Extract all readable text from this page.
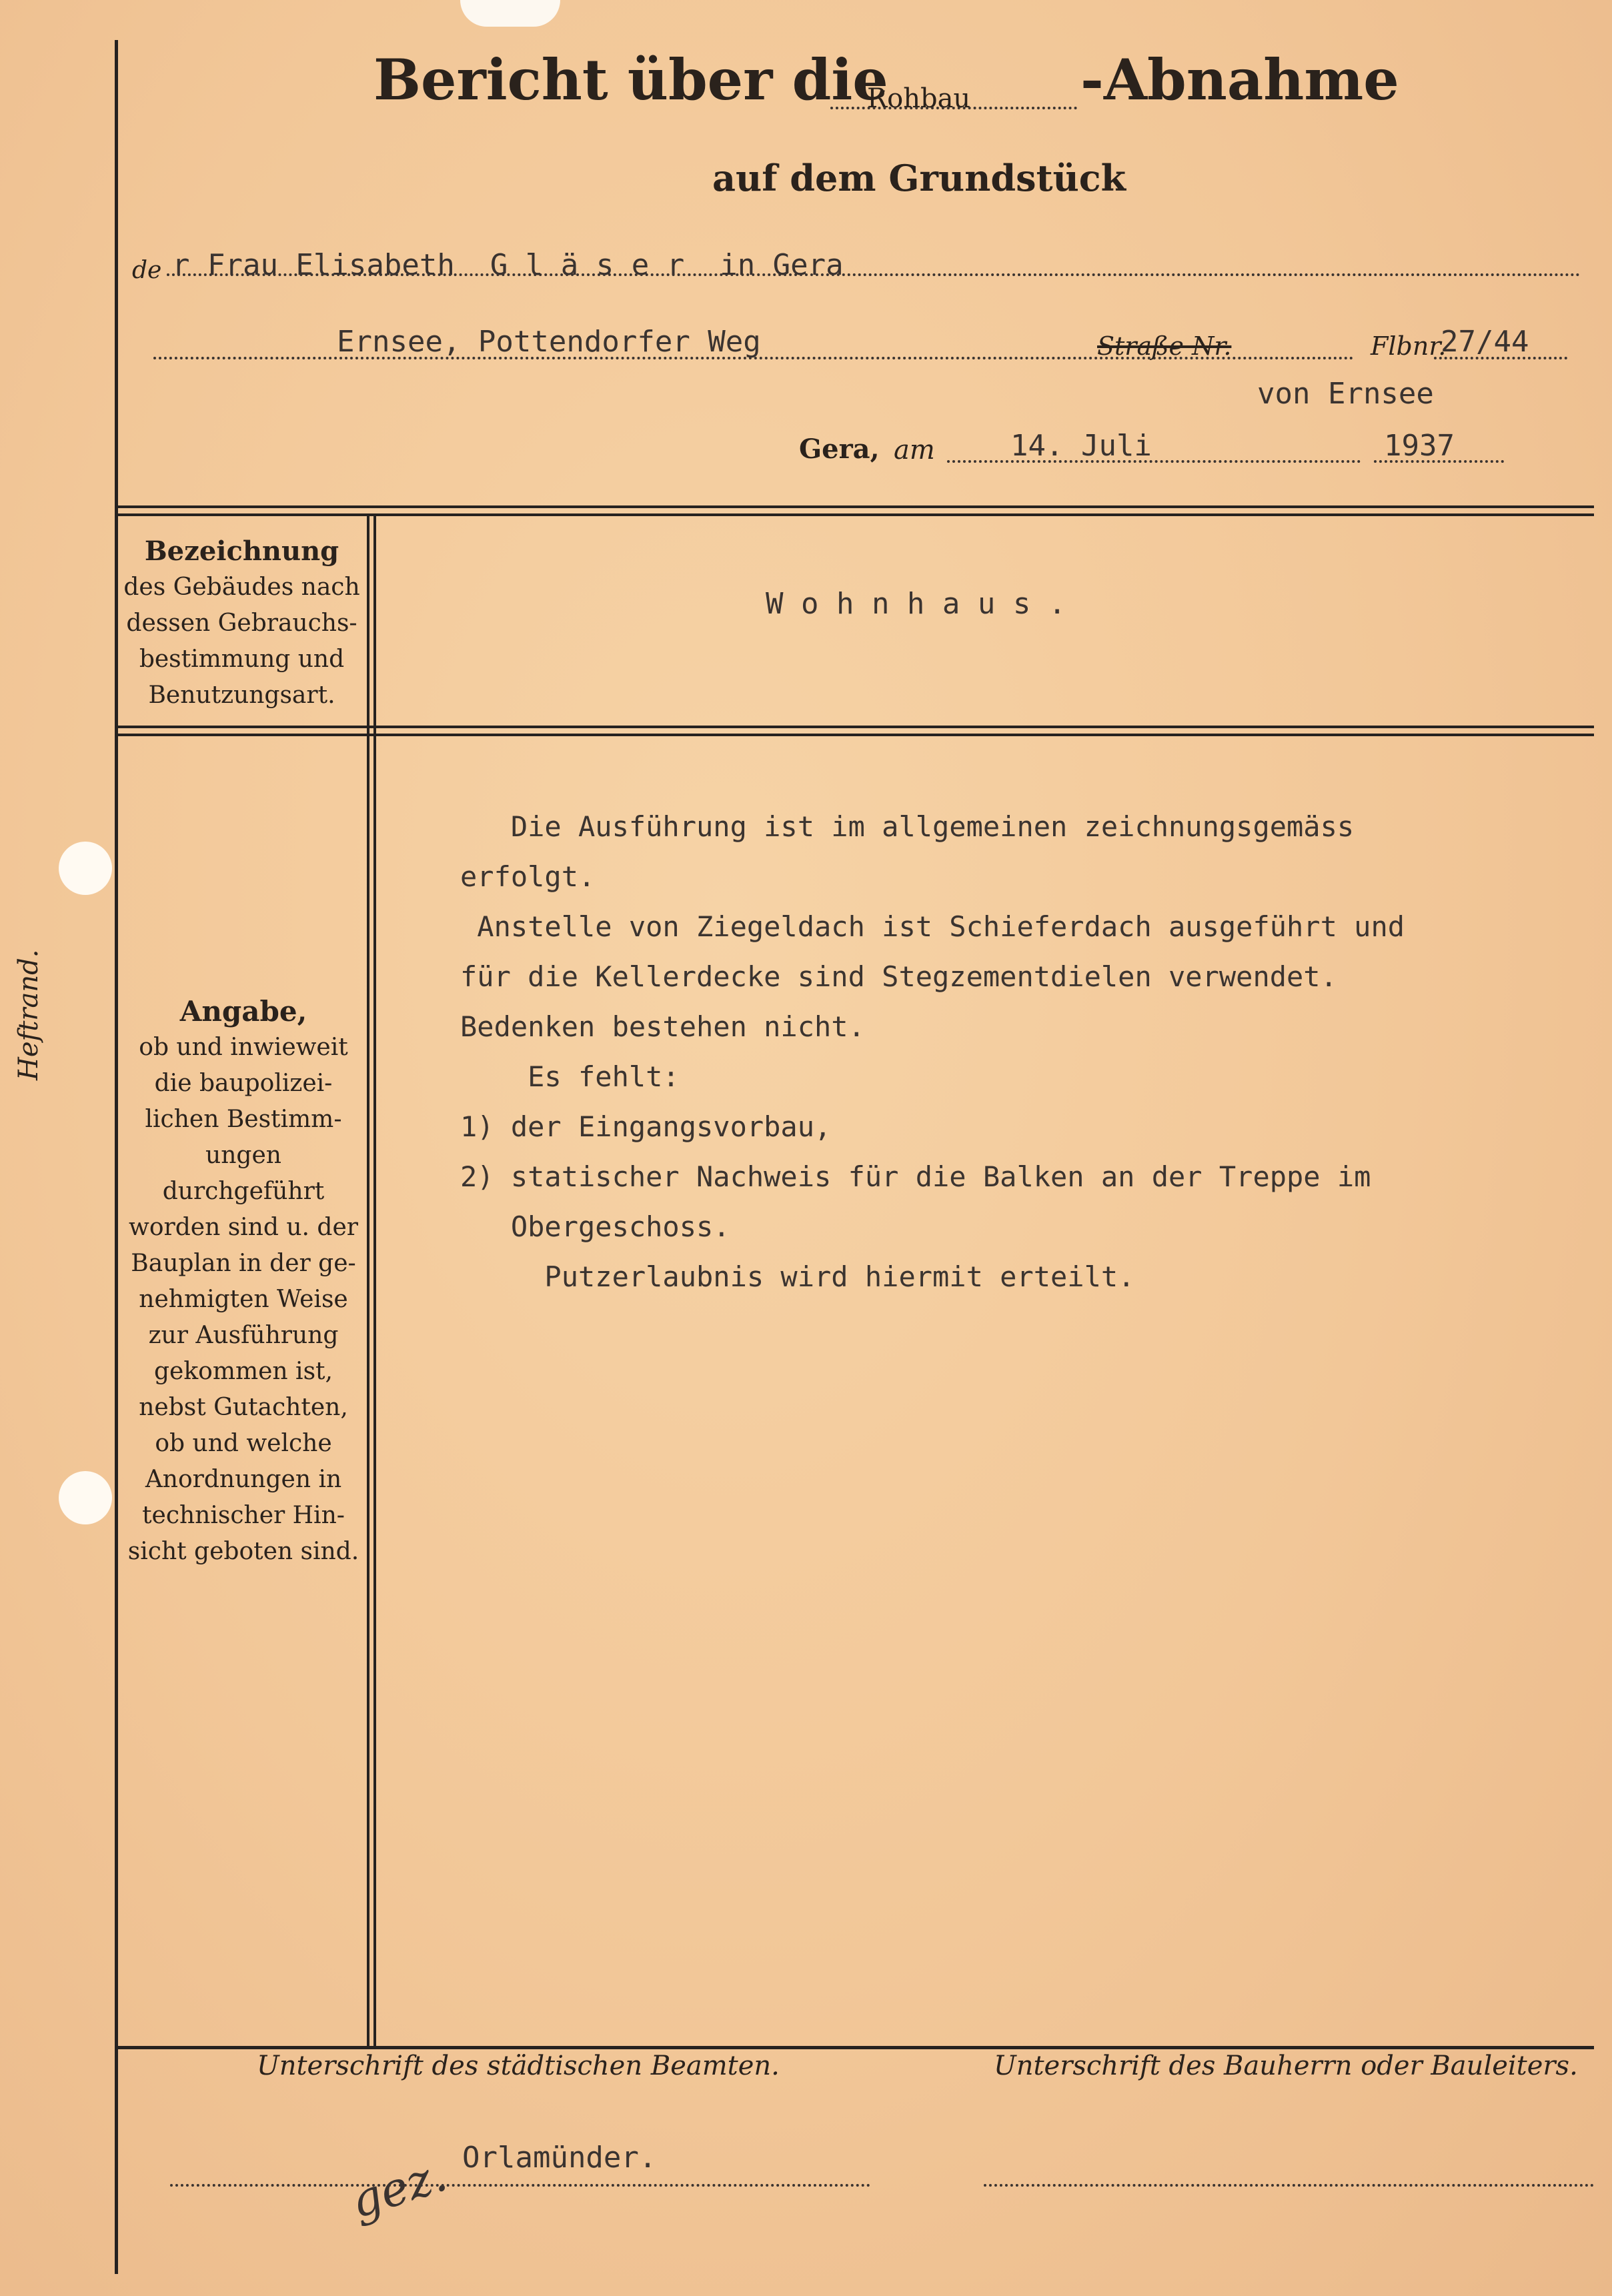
Heftrand.
Bericht über die
Rohbau -Abnahme
auf dem Grundstück
de r Frau Elisabeth  G l ä s e r  in Gera
Ernsee, Pottendorfer Weg	Straße Nr.	Flbnr.
27/44
von Ernsee
Gera, am	14. Juli	1937
Bezeichnung
des Gebäudes nach
dessen Gebrauchs-
bestimmung und
Benutzungsart.
W o h n h a u s .
Angabe,
ob und inwieweit
die baupolizei-
lichen Bestimm-
ungen durchgeführt
worden sind u. der
Bauplan in der ge-
nehmigten Weise
zur Ausführung
gekommen ist,
nebst Gutachten,
ob und welche
Anordnungen in
technischer Hin-
sicht geboten sind.
Die Ausführung ist im allgemeinen zeichnungsgemäss
erfolgt.
Anstelle von Ziegeldach ist Schieferdach ausgeführt und
für die Kellerdecke sind Stegzementdielen verwendet.
Bedenken bestehen nicht.
Es fehlt:
1) der Eingangsvorbau,
2) statischer Nachweis für die Balken an der Treppe im
Obergeschoss.
Putzerlaubnis wird hiermit erteilt.
Unterschrift des städtischen Beamten.	Unterschrift des Bauherrn oder Bauleiters.
gez. Orlamünder.
